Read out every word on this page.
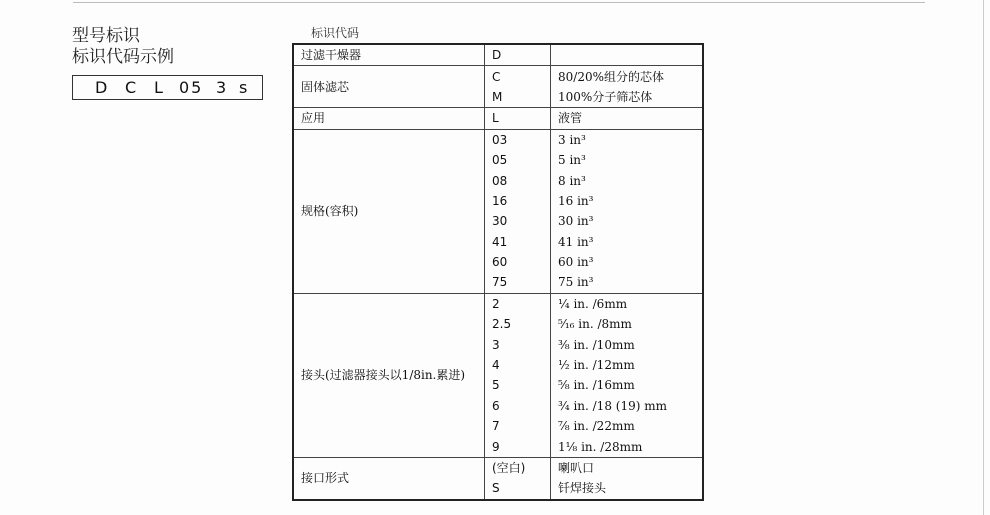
型号标识
标识代码示例
D C L 05 3 s
标识代码
过滤干燥器	D	
固体滤芯	C	80/20%组分的芯体
	M	100%分子筛芯体
应用	L	液管
规格(容积)	03	3 in³
	05	5 in³
	08	8 in³
	16	16 in³
	30	30 in³
	41	41 in³
	60	60 in³
	75	75 in³
接头(过滤器接头以1/8in.累进)	2	¼ in. /6mm
	2.5	⁵⁄₁₆ in. /8mm
	3	⅜ in. /10mm
	4	½ in. /12mm
	5	⅝ in. /16mm
	6	¾ in. /18 (19) mm
	7	⅞ in. /22mm
	9	1⅛ in. /28mm
接口形式	(空白)	喇叭口
	S	钎焊接头
